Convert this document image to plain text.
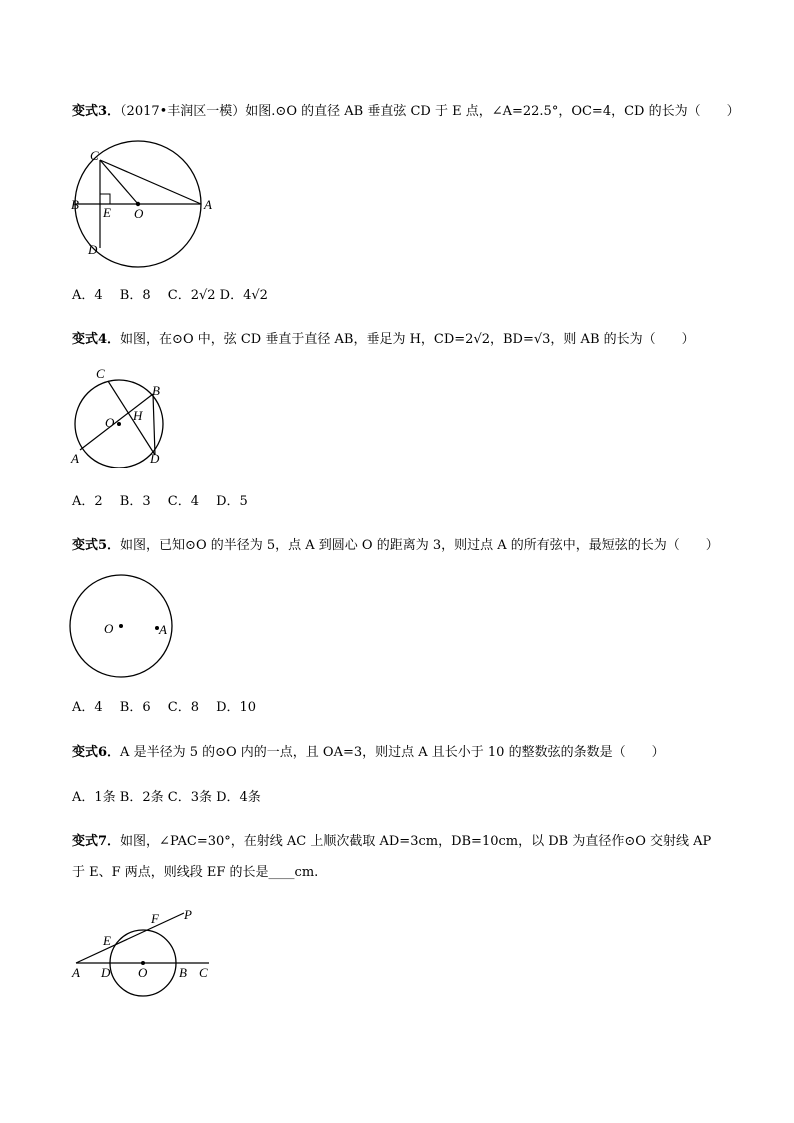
变式3．（2017•丰润区一模）如图.⊙O 的直径 AB 垂直弦 CD 于 E 点，∠A=22.5°，OC=4，CD 的长为（　　）
C
B
E O
A
D
A．4　 B．8　 C．2√2 D．4√2
变式4．如图，在⊙O 中，弦 CD 垂直于直径 AB，垂足为 H，CD=2√2，BD=√3，则 AB 的长为（　　）
C
B
H
O
A	D
A．2　 B．3　 C．4　 D．5
变式5．如图，已知⊙O 的半径为 5，点 A 到圆心 O 的距离为 3，则过点 A 的所有弦中，最短弦的长为（　　）
O	A
A．4　 B．6　 C．8　 D．10
变式6．A 是半径为 5 的⊙O 内的一点，且 OA=3，则过点 A 且长小于 10 的整数弦的条数是（　　）
A．1条 B．2条 C．3条 D．4条
变式7．如图，∠PAC=30°，在射线 AC 上顺次截取 AD=3cm，DB=10cm，以 DB 为直径作⊙O 交射线 AP
于 E、F 两点，则线段 EF 的长是____cm.
F P
E
A D O B C
